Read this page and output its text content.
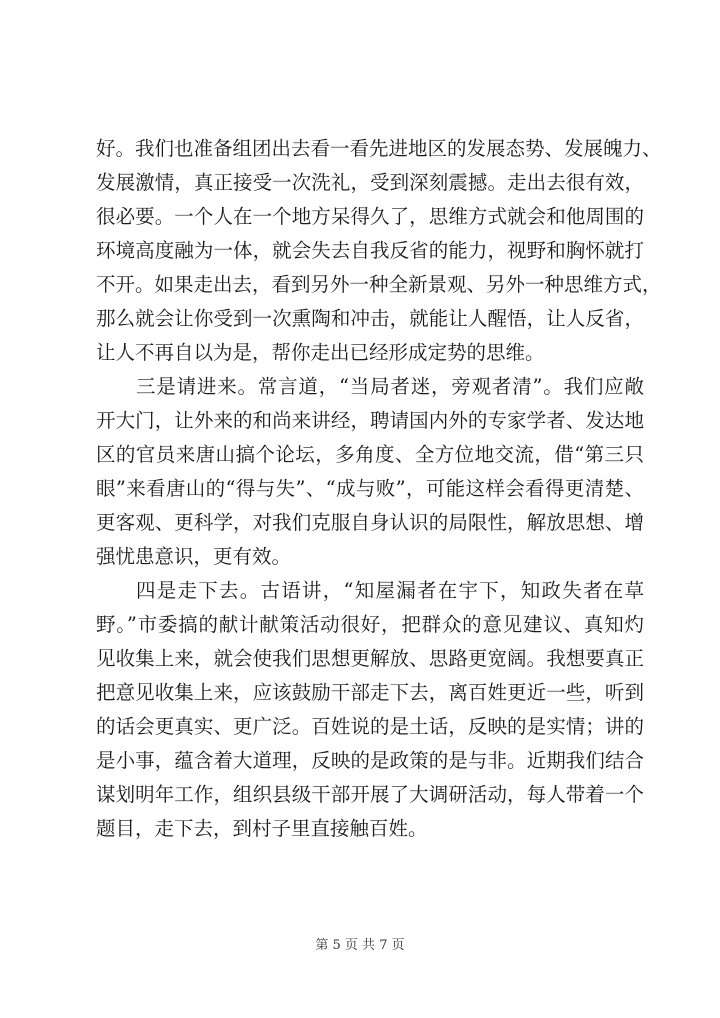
好。我们也准备组团出去看一看先进地区的发展态势、发展魄力、
发展激情，真正接受一次洗礼，受到深刻震撼。走出去很有效，
很必要。一个人在一个地方呆得久了，思维方式就会和他周围的
环境高度融为一体，就会失去自我反省的能力，视野和胸怀就打
不开。如果走出去，看到另外一种全新景观、另外一种思维方式，
那么就会让你受到一次熏陶和冲击，就能让人醒悟，让人反省，
让人不再自以为是，帮你走出已经形成定势的思维。
三是请进来。常言道，“当局者迷，旁观者清”。我们应敞
开大门，让外来的和尚来讲经，聘请国内外的专家学者、发达地
区的官员来唐山搞个论坛，多角度、全方位地交流，借“第三只
眼”来看唐山的“得与失”、“成与败”，可能这样会看得更清楚、
更客观、更科学，对我们克服自身认识的局限性，解放思想、增
强忧患意识，更有效。
四是走下去。古语讲，“知屋漏者在宇下，知政失者在草
野。”市委搞的献计献策活动很好，把群众的意见建议、真知灼
见收集上来，就会使我们思想更解放、思路更宽阔。我想要真正
把意见收集上来，应该鼓励干部走下去，离百姓更近一些，听到
的话会更真实、更广泛。百姓说的是土话，反映的是实情；讲的
是小事，蕴含着大道理，反映的是政策的是与非。近期我们结合
谋划明年工作，组织县级干部开展了大调研活动，每人带着一个
题目，走下去，到村子里直接触百姓。
第 5 页 共 7 页
